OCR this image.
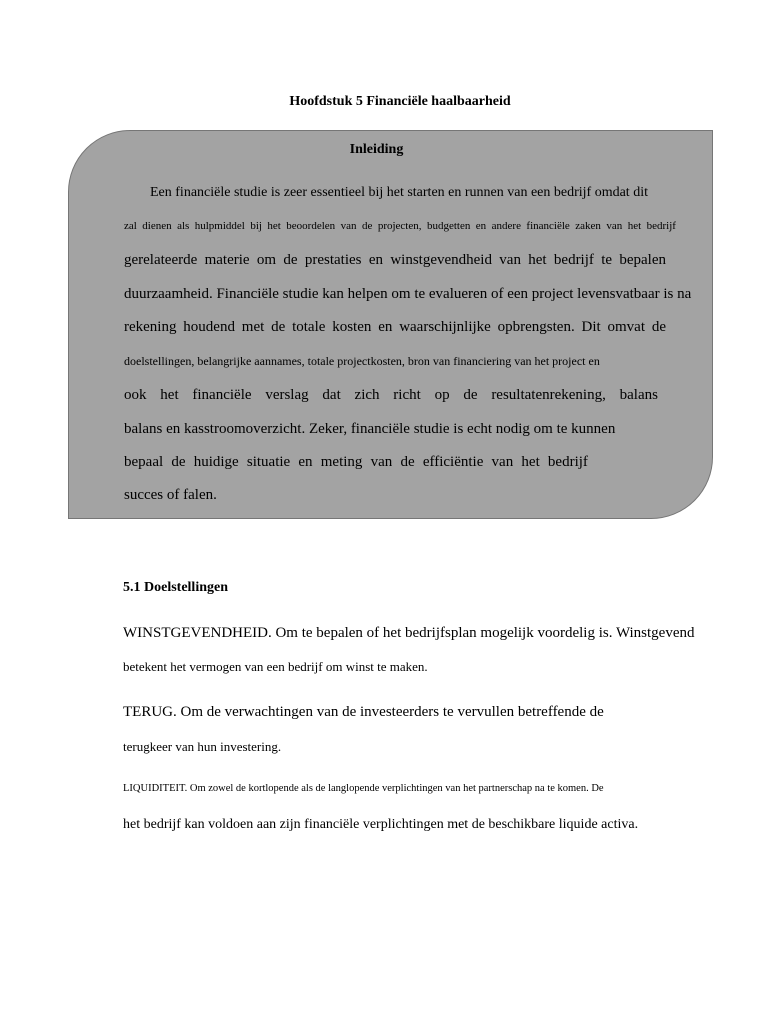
Hoofdstuk 5 Financiële haalbaarheid
Inleiding
Een financiële studie is zeer essentieel bij het starten en runnen van een bedrijf omdat dit
zal dienen als hulpmiddel bij het beoordelen van de projecten, budgetten en andere financiële zaken van het bedrijf
gerelateerde materie om de prestaties en winstgevendheid van het bedrijf te bepalen
duurzaamheid. Financiële studie kan helpen om te evalueren of een project levensvatbaar is na
rekening houdend met de totale kosten en waarschijnlijke opbrengsten. Dit omvat de
doelstellingen, belangrijke aannames, totale projectkosten, bron van financiering van het project en
ook het financiële verslag dat zich richt op de resultatenrekening, balans
balans en kasstroomoverzicht. Zeker, financiële studie is echt nodig om te kunnen
bepaal de huidige situatie en meting van de efficiëntie van het bedrijf
succes of falen.
5.1 Doelstellingen
WINSTGEVENDHEID. Om te bepalen of het bedrijfsplan mogelijk voordelig is. Winstgevend
betekent het vermogen van een bedrijf om winst te maken.
TERUG. Om de verwachtingen van de investeerders te vervullen betreffende de
terugkeer van hun investering.
LIQUIDITEIT. Om zowel de kortlopende als de langlopende verplichtingen van het partnerschap na te komen. De
het bedrijf kan voldoen aan zijn financiële verplichtingen met de beschikbare liquide activa.
